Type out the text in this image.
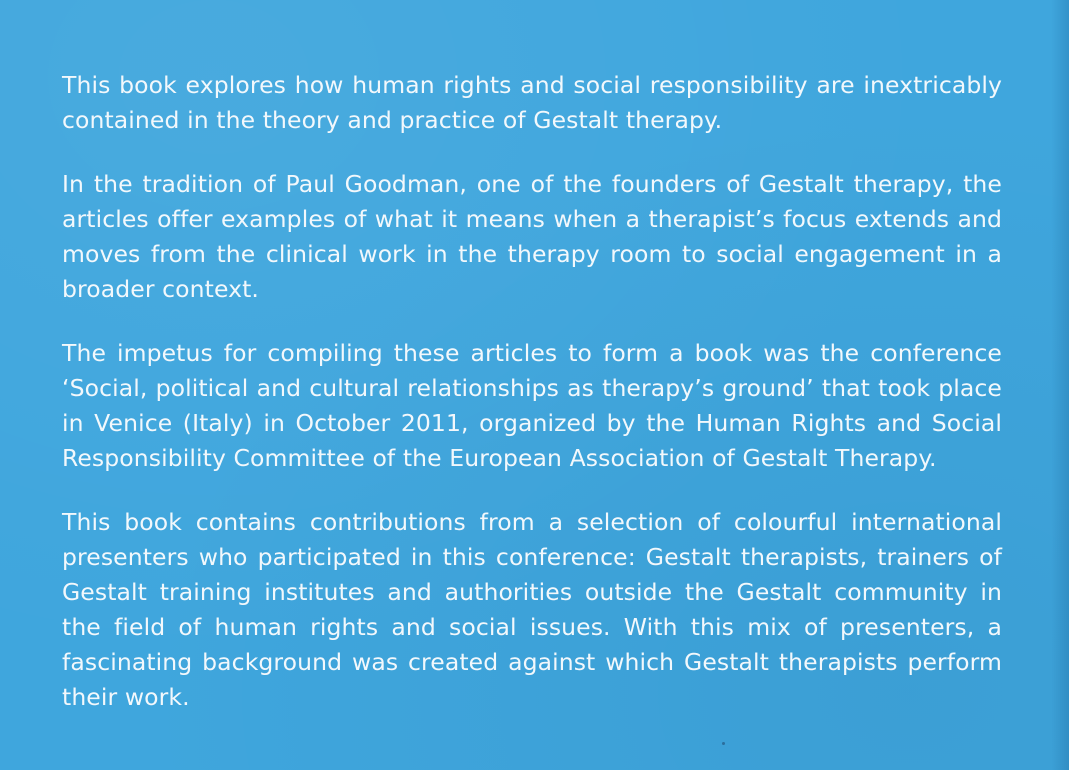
This book explores how human rights and social responsibility are inextricably contained in the theory and practice of Gestalt therapy.

In the tradition of Paul Goodman, one of the founders of Gestalt therapy, the articles offer examples of what it means when a therapist’s focus extends and moves from the clinical work in the therapy room to social engagement in a broader context.

The impetus for compiling these articles to form a book was the conference ‘Social, political and cultural relationships as therapy’s ground’ that took place in Venice (Italy) in October 2011, organized by the Human Rights and Social Responsibility Committee of the European Association of Gestalt Therapy.

This book contains contributions from a selection of colourful international presenters who participated in this conference: Gestalt therapists, trainers of Gestalt training institutes and authorities outside the Gestalt community in the field of human rights and social issues. With this mix of presenters, a fascinating background was created against which Gestalt therapists perform their work.
